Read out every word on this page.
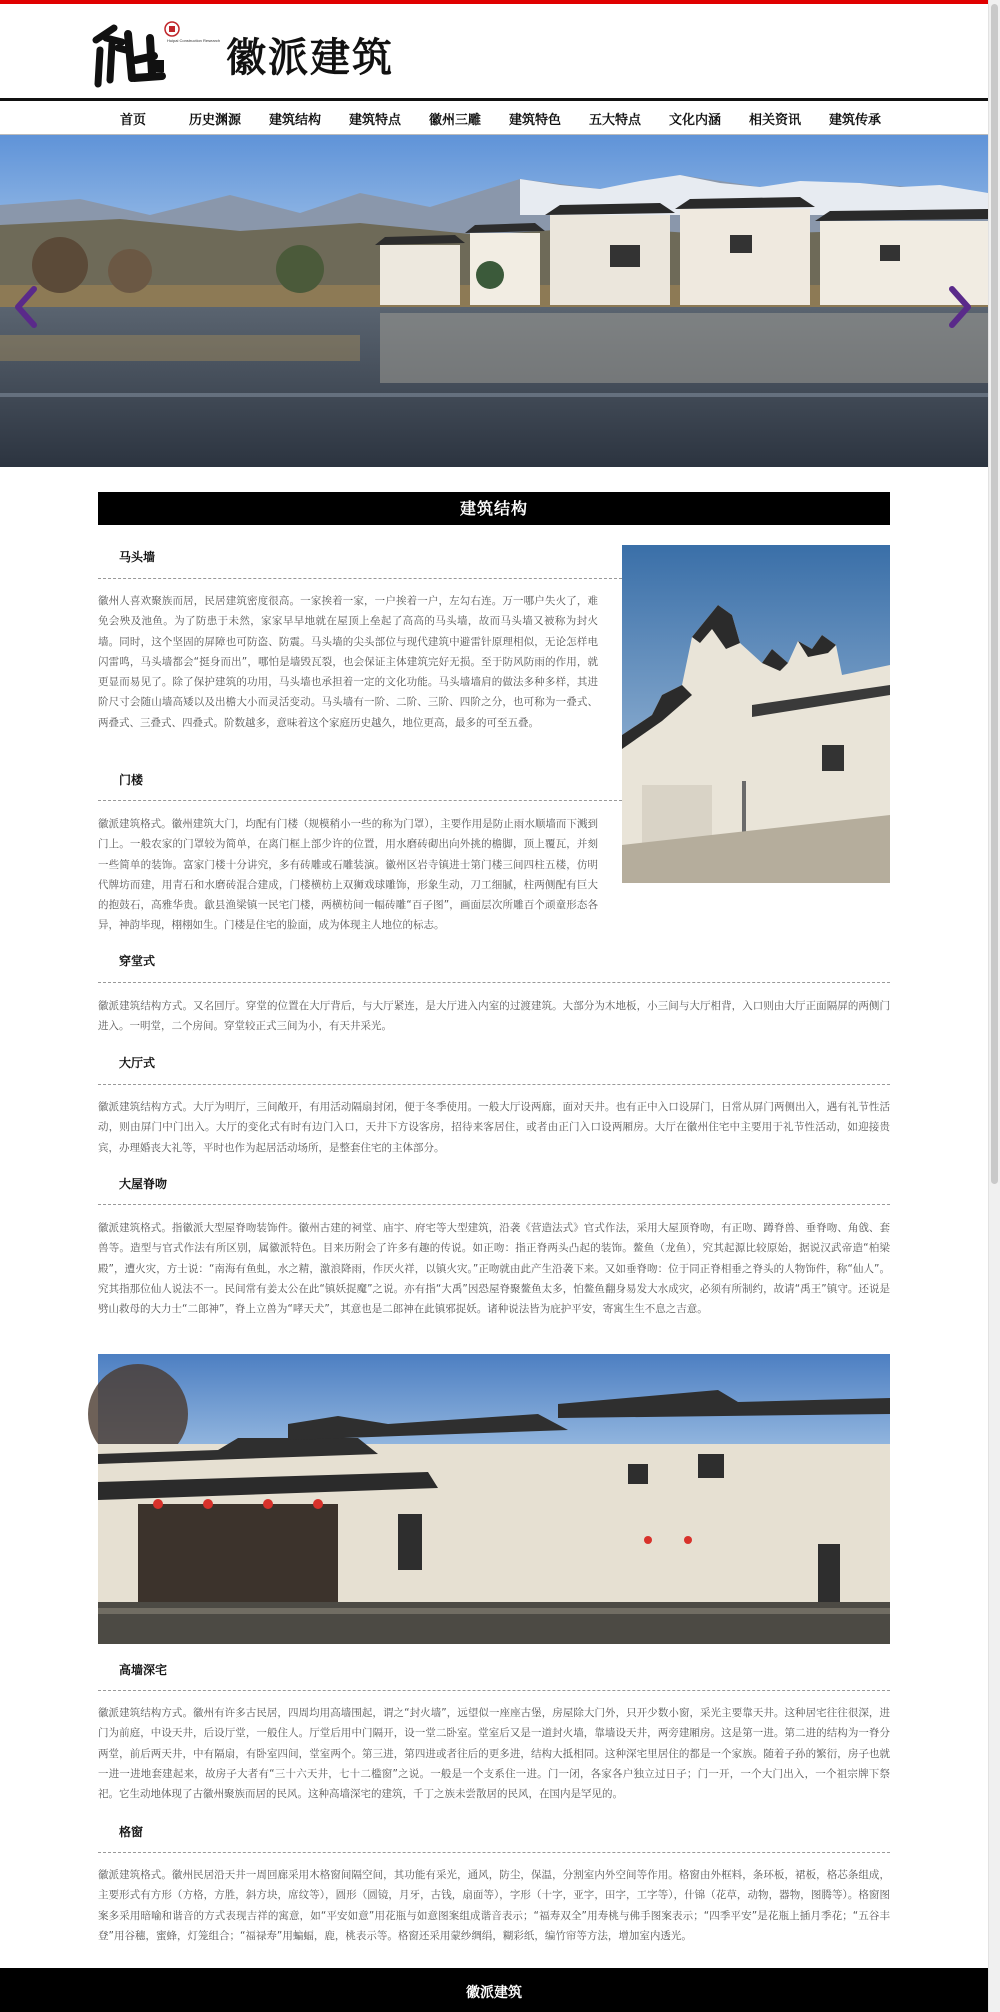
Huipai Construction Research 徽派建筑
首页	历史渊源 建筑结构 建筑特点 徽州三雕 建筑特色 五大特点 文化内涵 相关资讯 建筑传承
建筑结构
马头墙
徽州人喜欢聚族而居，民居建筑密度很高。一家挨着一家，一户挨着一户，左勾右连。万一哪户失火了，难免会殃及池鱼。为了防患于未然，家家早早地就在屋顶上垒起了高高的马头墙，故而马头墙又被称为封火墙。同时，这个坚固的屏障也可防盗、防震。马头墙的尖头部位与现代建筑中避雷针原理相似，无论怎样电闪雷鸣，马头墙都会“挺身而出”，哪怕是墙毁瓦裂，也会保证主体建筑完好无损。至于防风防雨的作用，就更显而易见了。除了保护建筑的功用，马头墙也承担着一定的文化功能。马头墙墙肩的做法多种多样，其进阶尺寸会随山墙高矮以及出檐大小而灵活变动。马头墙有一阶、二阶、三阶、四阶之分，也可称为一叠式、两叠式、三叠式、四叠式。阶数越多，意味着这个家庭历史越久，地位更高，最多的可至五叠。
门楼
徽派建筑格式。徽州建筑大门，均配有门楼（规模稍小一些的称为门罩），主要作用是防止雨水顺墙而下溅到门上。一般农家的门罩较为简单，在离门框上部少许的位置，用水磨砖砌出向外挑的檐脚，顶上覆瓦，并刻一些简单的装饰。富家门楼十分讲究，多有砖雕或石雕装演。徽州区岩寺镇进士第门楼三间四柱五楼，仿明代牌坊而建，用青石和水磨砖混合建成，门楼横枋上双狮戏球雕饰，形象生动，刀工细腻，柱两侧配有巨大的抱鼓石，高雅华贵。歙县渔梁镇一民宅门楼，两横枋间一幅砖雕“百子图”，画面层次所雕百个顽童形态各异，神韵毕现，栩栩如生。门楼是住宅的脸面，成为体现主人地位的标志。
穿堂式
徽派建筑结构方式。又名回厅。穿堂的位置在大厅背后，与大厅紧连，是大厅进入内室的过渡建筑。大部分为木地板，小三间与大厅相背，入口则由大厅正面隔屏的两侧门进入。一明堂，二个房间。穿堂较正式三间为小，有天井采光。
大厅式
徽派建筑结构方式。大厅为明厅，三间敞开，有用活动隔扇封闭，便于冬季使用。一般大厅设两廊，面对天井。也有正中入口设屏门，日常从屏门两侧出入，遇有礼节性活动，则由屏门中门出入。大厅的变化式有时有边门入口，天井下方设客房，招待来客居住，或者由正门入口设两厢房。大厅在徽州住宅中主要用于礼节性活动，如迎接贵宾，办理婚丧大礼等，平时也作为起居活动场所，是整套住宅的主体部分。
大屋脊吻
徽派建筑格式。指徽派大型屋脊吻装饰件。徽州古建的祠堂、庙宇、府宅等大型建筑，沿袭《营造法式》官式作法，采用大屋顶脊吻，有正吻、蹲脊兽、垂脊吻、角戗、套兽等。造型与官式作法有所区别，属徽派特色。目来历附会了许多有趣的传说。如正吻：指正脊两头凸起的装饰。鳌鱼（龙鱼），究其起源比较原始，据说汉武帝造“柏梁殿”，遭火灾，方士说：“南海有鱼虬，水之精，激浪降雨，作厌火祥，以镇火灾。”正吻就由此产生沿袭下来。又如垂脊吻：位于同正脊相垂之脊头的人物饰件，称“仙人”。究其指那位仙人说法不一。民间常有姜太公在此“镇妖捉魔”之说。亦有指“大禹”因恐屋脊聚鳌鱼太多，怕鳌鱼翻身易发大水成灾，必须有所制约，故请“禹王”镇守。还说是劈山救母的大力士“二郎神”，脊上立兽为“哮天犬”，其意也是二郎神在此镇邪捉妖。诸种说法皆为庇护平安，寄寓生生不息之吉意。
高墙深宅
徽派建筑结构方式。徽州有许多古民居，四周均用高墙围起，谓之“封火墙”，远望似一座座古堡，房屋除大门外，只开少数小窗，采光主要靠天井。这种居宅往往很深，进门为前庭，中设天井，后设厅堂，一般住人。厅堂后用中门隔开，设一堂二卧室。堂室后又是一道封火墙，靠墙设天井，两旁建厢房。这是第一进。第二进的结构为一脊分两堂，前后两天井，中有隔扇，有卧室四间，堂室两个。第三进，第四进或者往后的更多进，结构大抵相同。这种深宅里居住的都是一个家族。随着子孙的繁衍，房子也就一进一进地套建起来，故房子大者有“三十六天井，七十二槛窗”之说。一般是一个支系住一进。门一闭，各家各户独立过日子；门一开，一个大门出入，一个祖宗牌下祭祀。它生动地体现了古徽州聚族而居的民风。这种高墙深宅的建筑，千丁之族未尝散居的民风，在国内是罕见的。
格窗
徽派建筑格式。徽州民居沿天井一周回廊采用木格窗间隔空间，其功能有采光，通风，防尘，保温，分割室内外空间等作用。格窗由外框料，条环板，裙板，格芯条组成，主要形式有方形（方格，方胜，斜方块，席纹等），圆形（圆镜，月牙，古钱，扇面等），字形（十字，亚字，田字，工字等），什锦（花草，动物，器物，图腾等）。格窗图案多采用暗喻和谐音的方式表现吉祥的寓意，如“平安如意”用花瓶与如意图案组成谐音表示；“福寿双全”用寿桃与佛手图案表示；“四季平安”是花瓶上插月季花；“五谷丰登”用谷穗，蜜蜂，灯笼组合；“福禄寿”用蝙蝠，鹿，桃表示等。格窗还采用蒙纱绸绢，糊彩纸，编竹帘等方法，增加室内透光。
徽派建筑
